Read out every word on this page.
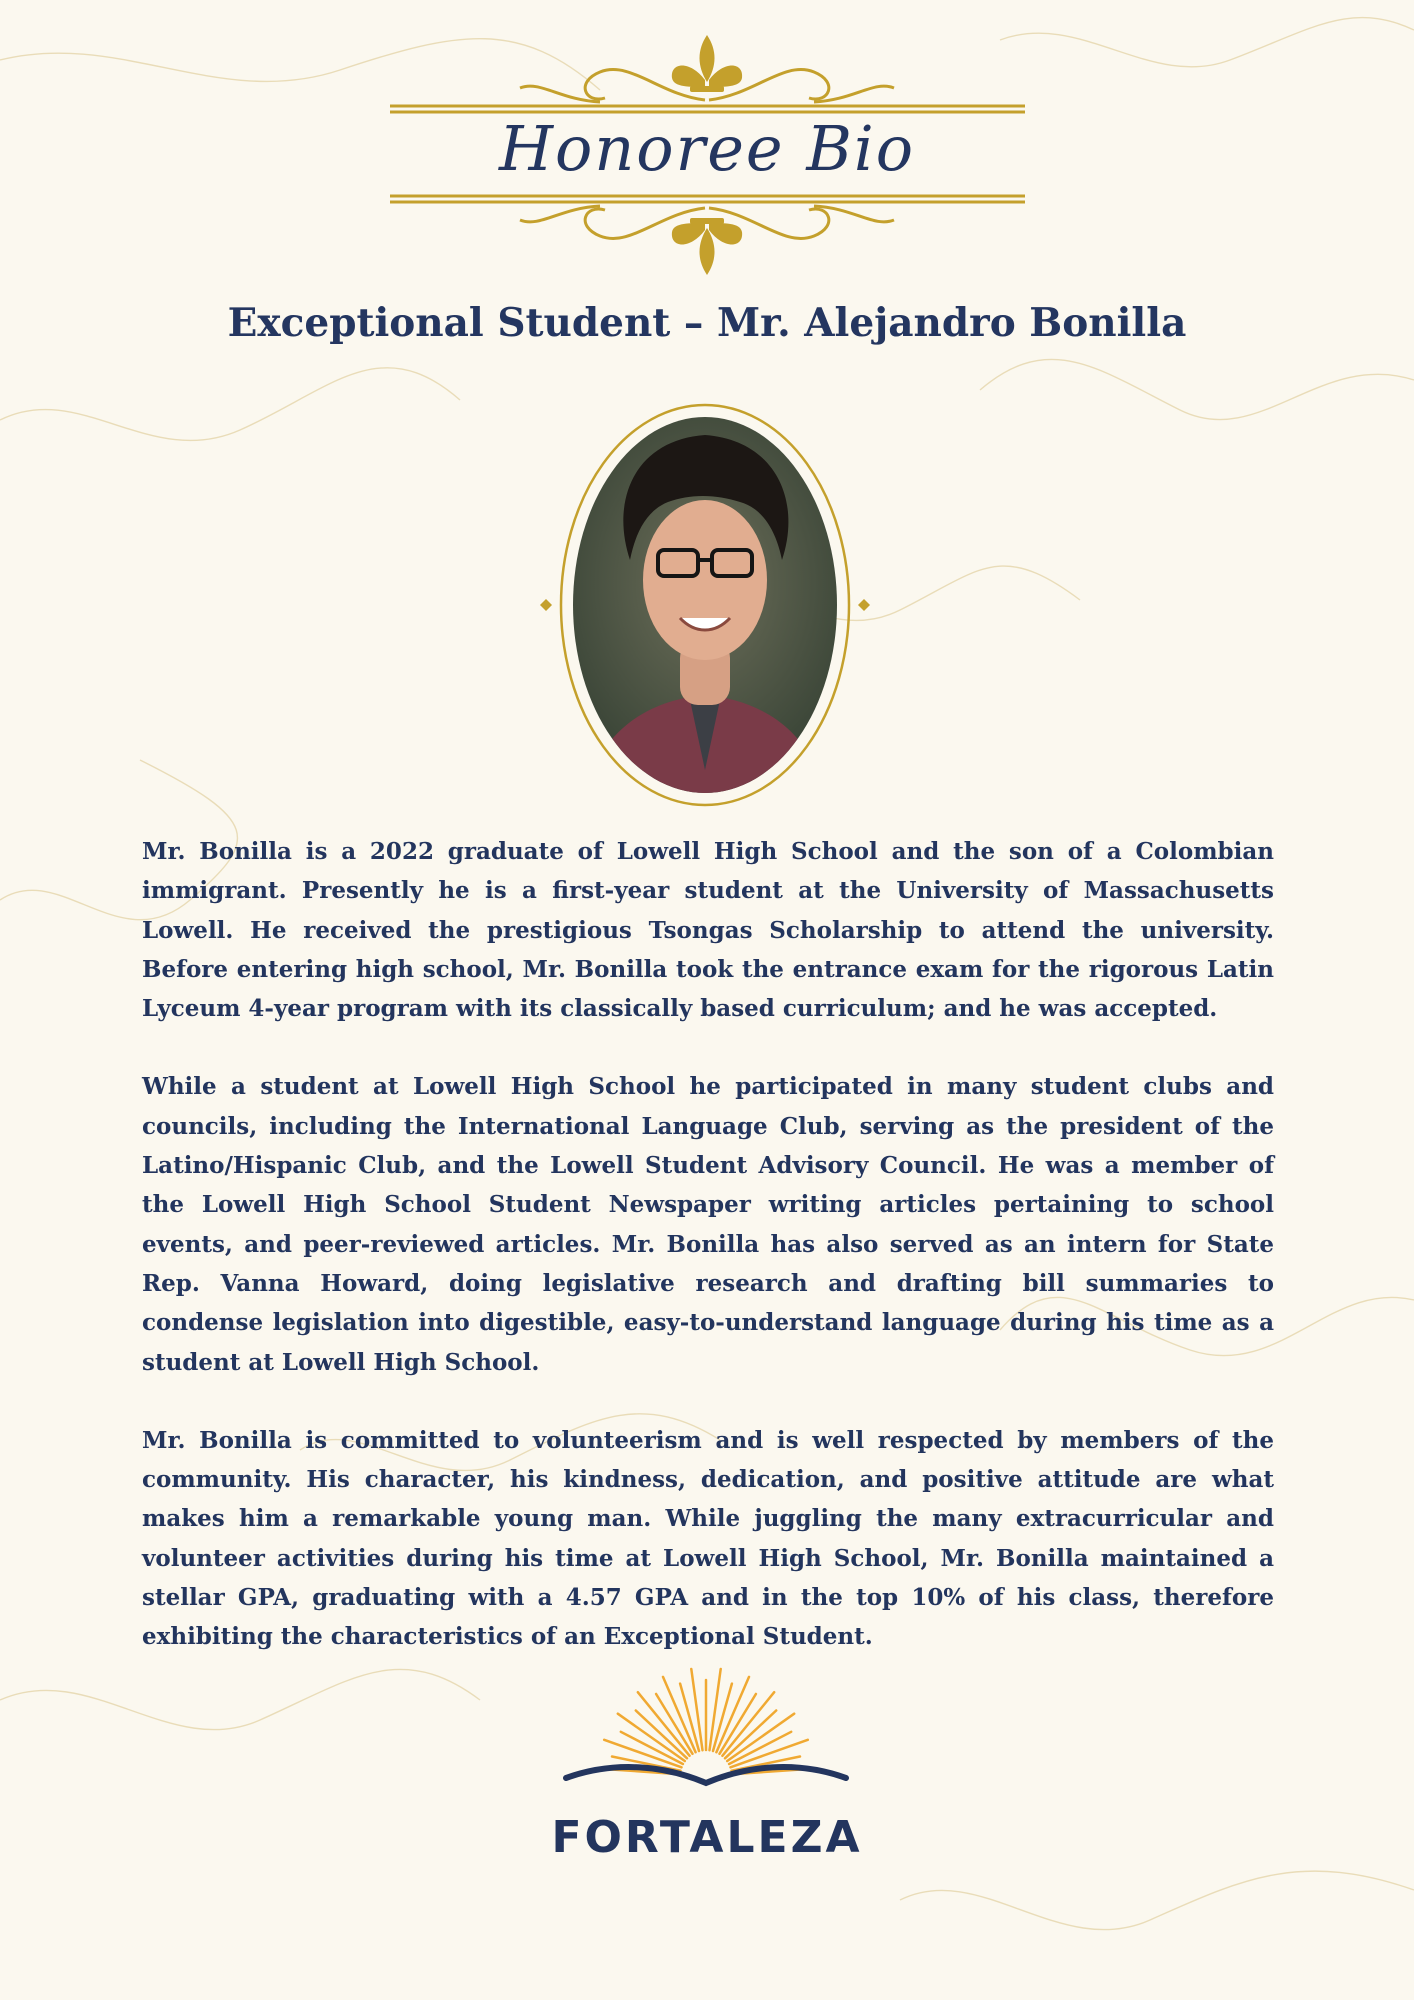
Honoree Bio
Exceptional Student – Mr. Alejandro Bonilla

Mr. Bonilla is a 2022 graduate of Lowell High School and the son of a Colombian immigrant. Presently he is a first-year student at the University of Massachusetts Lowell. He received the prestigious Tsongas Scholarship to attend the university. Before entering high school, Mr. Bonilla took the entrance exam for the rigorous Latin Lyceum 4-year program with its classically based curriculum; and he was accepted.

While a student at Lowell High School he participated in many student clubs and councils, including the International Language Club, serving as the president of the Latino/Hispanic Club, and the Lowell Student Advisory Council. He was a member of the Lowell High School Student Newspaper writing articles pertaining to school events, and peer-reviewed articles. Mr. Bonilla has also served as an intern for State Rep. Vanna Howard, doing legislative research and drafting bill summaries to condense legislation into digestible, easy-to-understand language during his time as a student at Lowell High School.

Mr. Bonilla is committed to volunteerism and is well respected by members of the community. His character, his kindness, dedication, and positive attitude are what makes him a remarkable young man. While juggling the many extracurricular and volunteer activities during his time at Lowell High School, Mr. Bonilla maintained a stellar GPA, graduating with a 4.57 GPA and in the top 10% of his class, therefore exhibiting the characteristics of an Exceptional Student.

FORTALEZA
